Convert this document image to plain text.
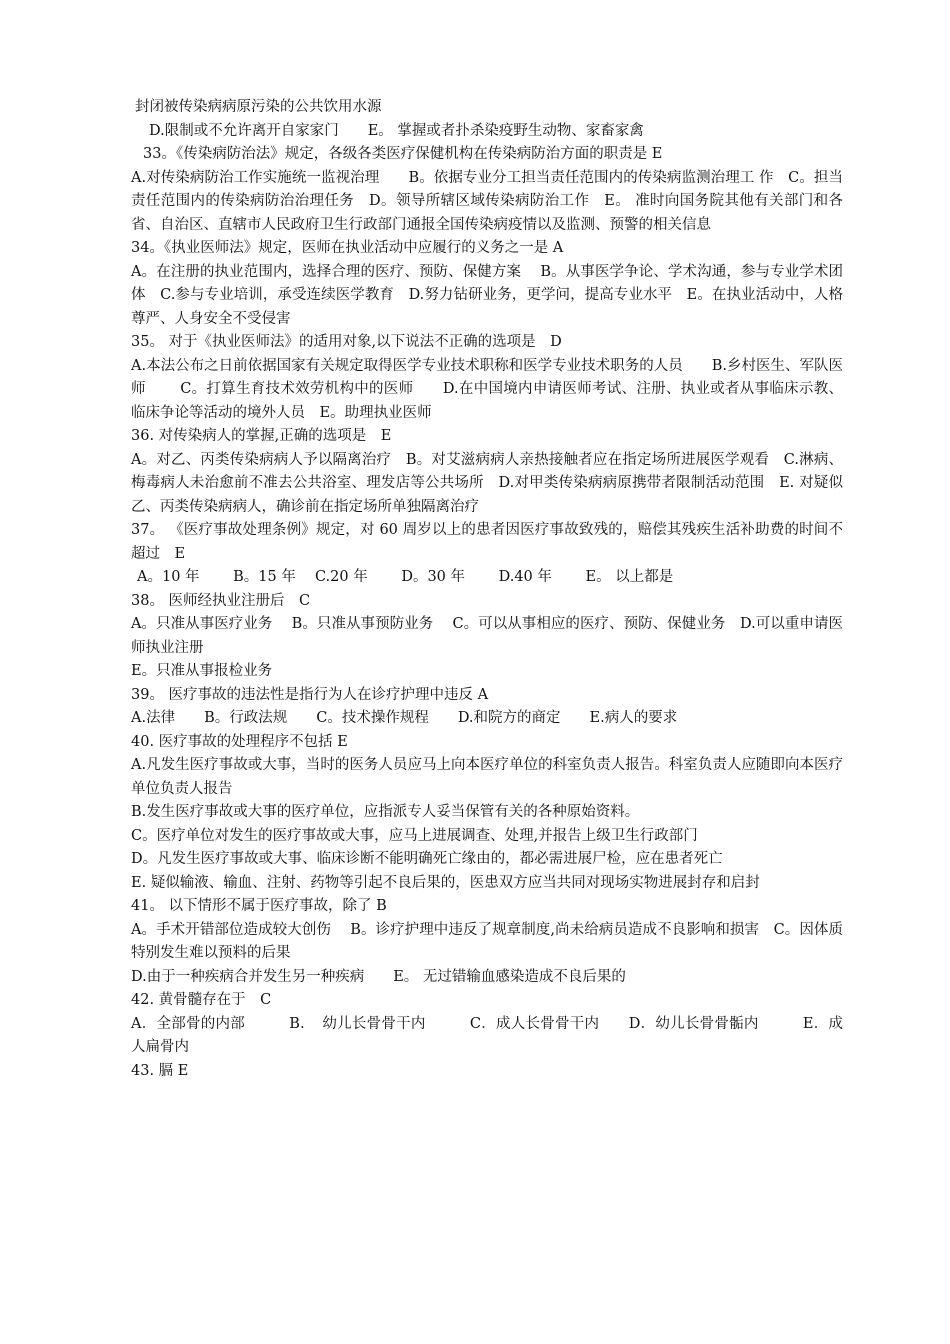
封闭被传染病病原污染的公共饮用水源

D.限制或不允许离开自家家门　　E。 掌握或者扑杀染疫野生动物、家畜家禽

33。《传染病防治法》规定，各级各类医疗保健机构在传染病防治方面的职责是 E

A.对传染病防治工作实施统一监视治理　　B。依据专业分工担当责任范围内的传染病监测治理工 作　C。担当责任范围内的传染病防治治理任务　D。领导所辖区域传染病防治工作　E。 准时向国务院其他有关部门和各省、自治区、直辖市人民政府卫生行政部门通报全国传染病疫情以及监测、预警的相关信息

34。《执业医师法》规定，医师在执业活动中应履行的义务之一是 A

A。在注册的执业范围内，选择合理的医疗、预防、保健方案　 B。从事医学争论、学术沟通，参与专业学术团体　C.参与专业培训，承受连续医学教育　D.努力钻研业务，更学问，提高专业水平　E。在执业活动中，人格尊严、人身安全不受侵害

35。 对于《执业医师法》的适用对象,以下说法不正确的选项是　D

A.本法公布之日前依据国家有关规定取得医学专业技术职称和医学专业技术职务的人员　　B.乡村医生、军队医师　　 C。打算生育技术效劳机构中的医师　　D.在中国境内申请医师考试、注册、执业或者从事临床示教、临床争论等活动的境外人员　E。助理执业医师

36. 对传染病人的掌握,正确的选项是　E

A。对乙、丙类传染病病人予以隔离治疗　B。对艾滋病病人亲热接触者应在指定场所进展医学观看　C.淋病、梅毒病人未治愈前不准去公共浴室、理发店等公共场所　D.对甲类传染病病原携带者限制活动范围　E. 对疑似乙、丙类传染病病人，确诊前在指定场所单独隔离治疗

37。 《医疗事故处理条例》规定，对 60 周岁以上的患者因医疗事故致残的，赔偿其残疾生活补助费的时间不超过　E

A。10 年　　 B。15 年　 C.20 年　　 D。30 年　　 D.40 年　　 E。 以上都是

38。 医师经执业注册后　C

A。只准从事医疗业务　 B。只准从事预防业务　 C。可以从事相应的医疗、预防、保健业务　D.可以重申请医师执业注册

E。只准从事报检业务

39。 医疗事故的违法性是指行为人在诊疗护理中违反 A

A.法律　　B。行政法规　　C。技术操作规程　　D.和院方的商定　　E.病人的要求

40. 医疗事故的处理程序不包括 E

A.凡发生医疗事故或大事，当时的医务人员应马上向本医疗单位的科室负责人报告。科室负责人应随即向本医疗单位负责人报告

B.发生医疗事故或大事的医疗单位，应指派专人妥当保管有关的各种原始资料。

C。医疗单位对发生的医疗事故或大事，应马上进展调查、处理,并报告上级卫生行政部门

D。凡发生医疗事故或大事、临床诊断不能明确死亡缘由的，都必需进展尸检，应在患者死亡

E. 疑似输液、输血、注射、药物等引起不良后果的，医患双方应当共同对现场实物进展封存和启封

41。 以下情形不属于医疗事故，除了 B

A。手术开错部位造成较大创伤　 B。诊疗护理中违反了规章制度,尚未给病员造成不良影响和损害　C。因体质特别发生难以预料的后果

D.由于一种疾病合并发生另一种疾病　　E。 无过错输血感染造成不良后果的

42. 黄骨髓存在于　C

A．全部骨的内部　　　B．　幼儿长骨骨干内　　　C．成人长骨骨干内　　D．幼儿长骨骨骺内　　　E．成人扁骨内

43. 膈 E
